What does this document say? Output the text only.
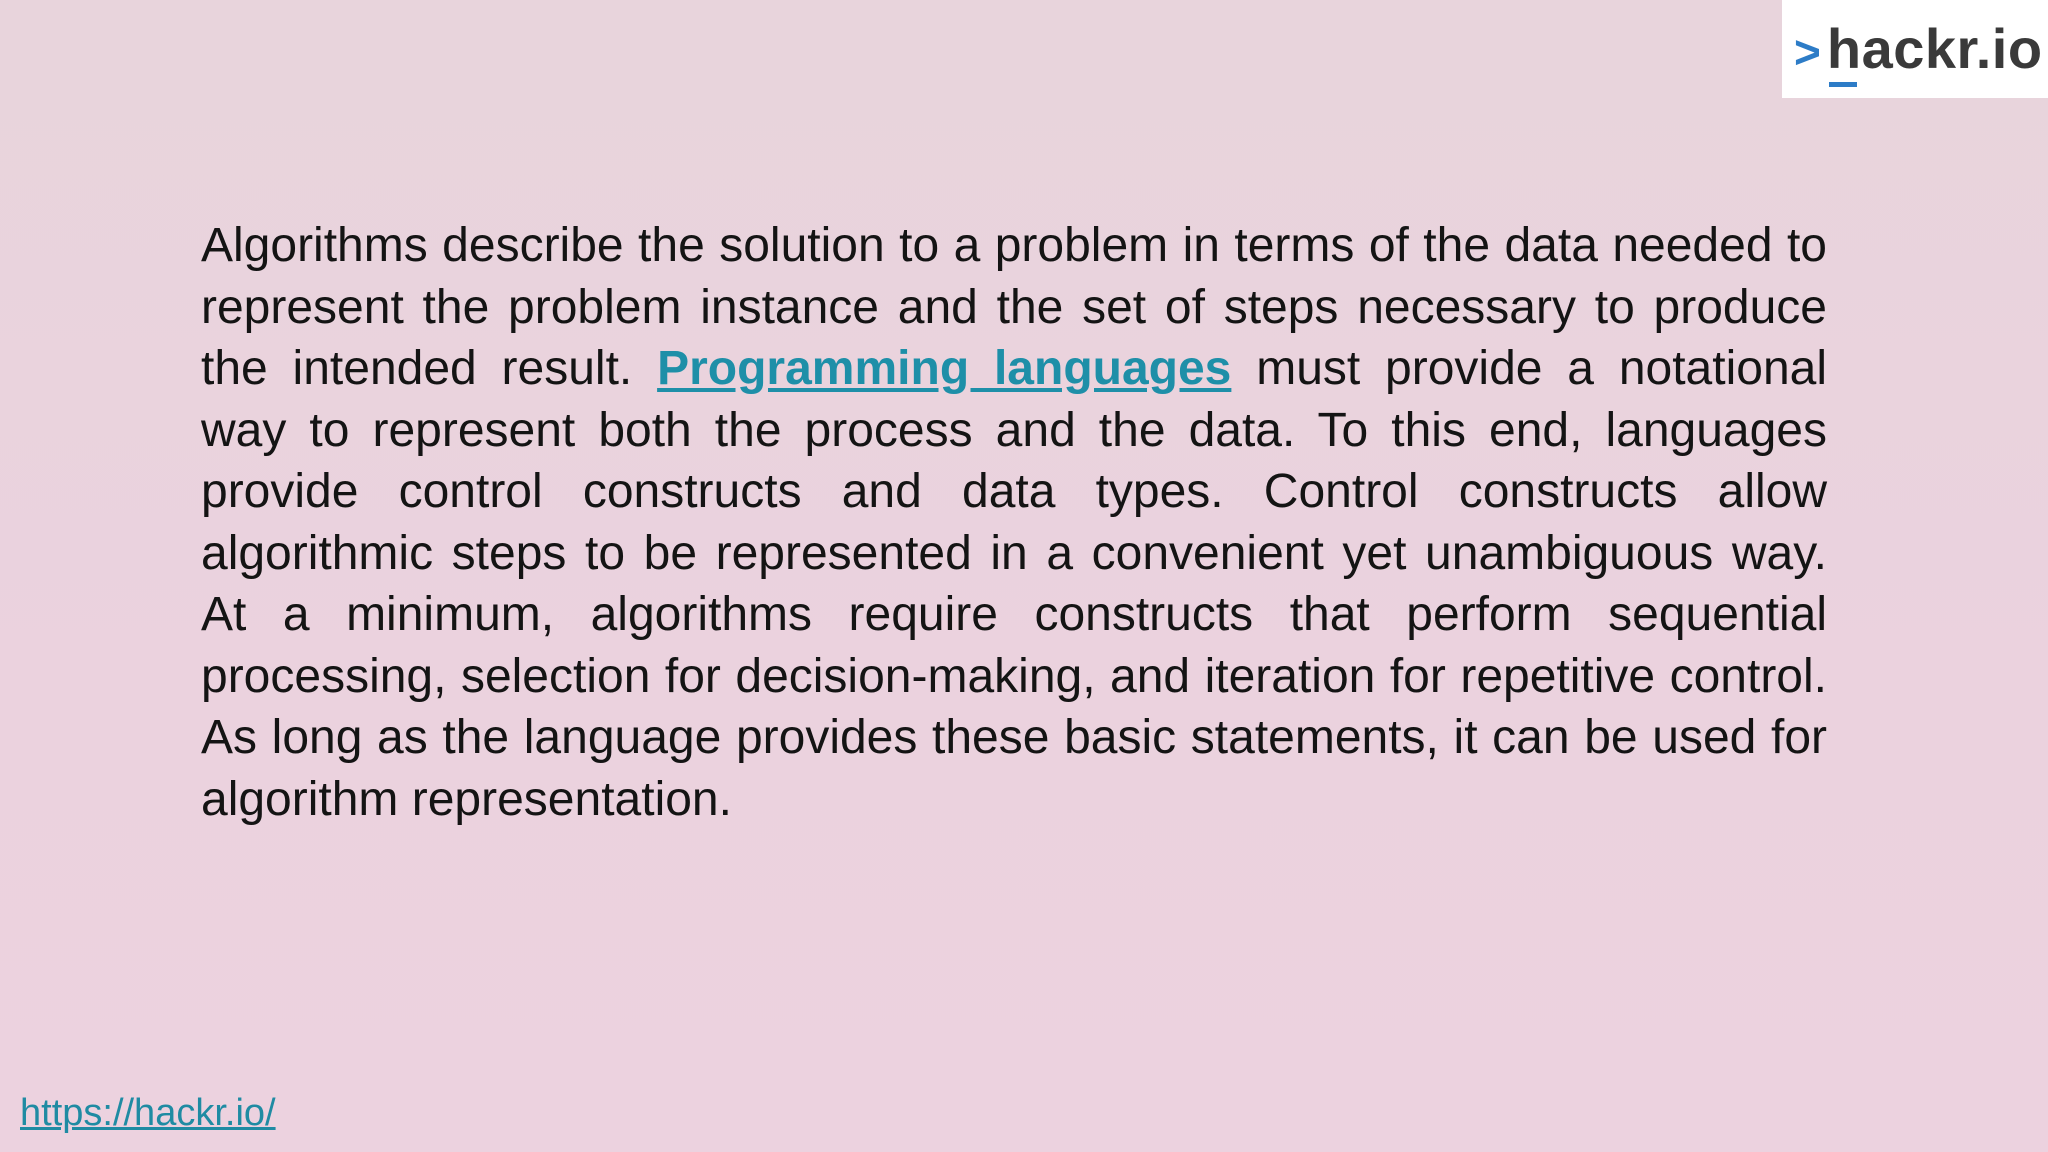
> hackr.io

Algorithms describe the solution to a problem in terms of the data needed to represent the problem instance and the set of steps necessary to produce the intended result. Programming languages must provide a notational way to represent both the process and the data. To this end, languages provide control constructs and data types. Control constructs allow algorithmic steps to be represented in a convenient yet unambiguous way. At a minimum, algorithms require constructs that perform sequential processing, selection for decision-making, and iteration for repetitive control. As long as the language provides these basic statements, it can be used for algorithm representation.

https://hackr.io/
